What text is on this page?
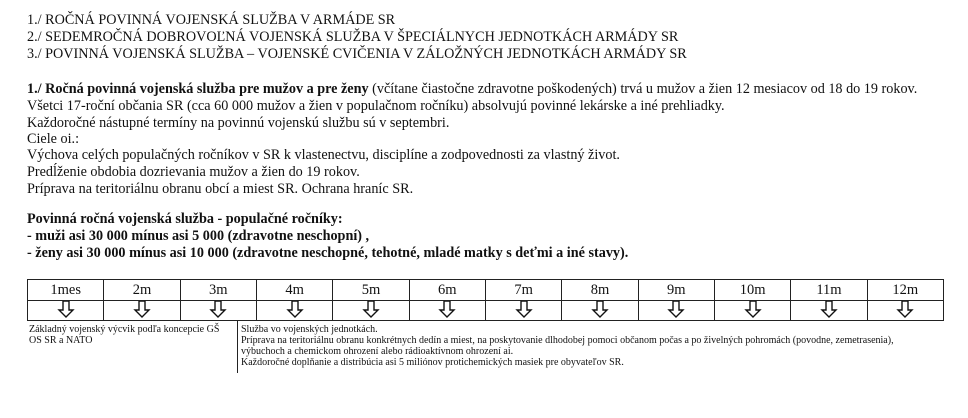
1./ ROČNÁ POVINNÁ VOJENSKÁ SLUŽBA V ARMÁDE SR
2./ SEDEMROČNÁ DOBROVOĽNÁ VOJENSKÁ SLUŽBA V ŠPECIÁLNYCH JEDNOTKÁCH ARMÁDY SR
3./ POVINNÁ VOJENSKÁ SLUŽBA – VOJENSKÉ CVIČENIA V ZÁLOŽNÝCH JEDNOTKÁCH ARMÁDY SR
1./ Ročná povinná vojenská služba pre mužov a pre ženy (včítane čiastočne zdravotne poškodených) trvá u mužov a žien 12 mesiacov od 18 do 19 rokov.
Všetci 17-roční občania SR (cca 60 000 mužov a žien v populačnom ročníku) absolvujú povinné lekárske a iné prehliadky.
Každoročné nástupné termíny na povinnú vojenskú službu sú v septembri.
Ciele oi.:
Výchova celých populačných ročníkov v SR k vlastenectvu, disciplíne a zodpovednosti za vlastný život.
Predĺženie obdobia dozrievania mužov a žien do 19 rokov.
Príprava na teritoriálnu obranu obcí a miest SR. Ochrana hraníc SR.
Povinná ročná vojenská služba - populačné ročníky:
- muži asi 30 000 mínus asi 5 000 (zdravotne neschopní) ,
- ženy asi 30 000 mínus asi 10 000 (zdravotne neschopné, tehotné, mladé matky s deťmi a iné stavy).
1mes	2m	3m	4m	5m	6m	7m	8m	9m	10m	11m	12m
Základný vojenský výcvik podľa koncepcie GŠ
OS SR a NATO
Služba vo vojenských jednotkách.
Príprava na teritoriálnu obranu konkrétnych dedín a miest, na poskytovanie dlhodobej pomoci občanom počas a po živelných pohromách (povodne, zemetrasenia),
výbuchoch a chemickom ohrození alebo rádioaktívnom ohrození ai.
Každoročné doplňanie a distribúcia asi 5 miliónov protichemických masiek pre obyvateľov SR.
